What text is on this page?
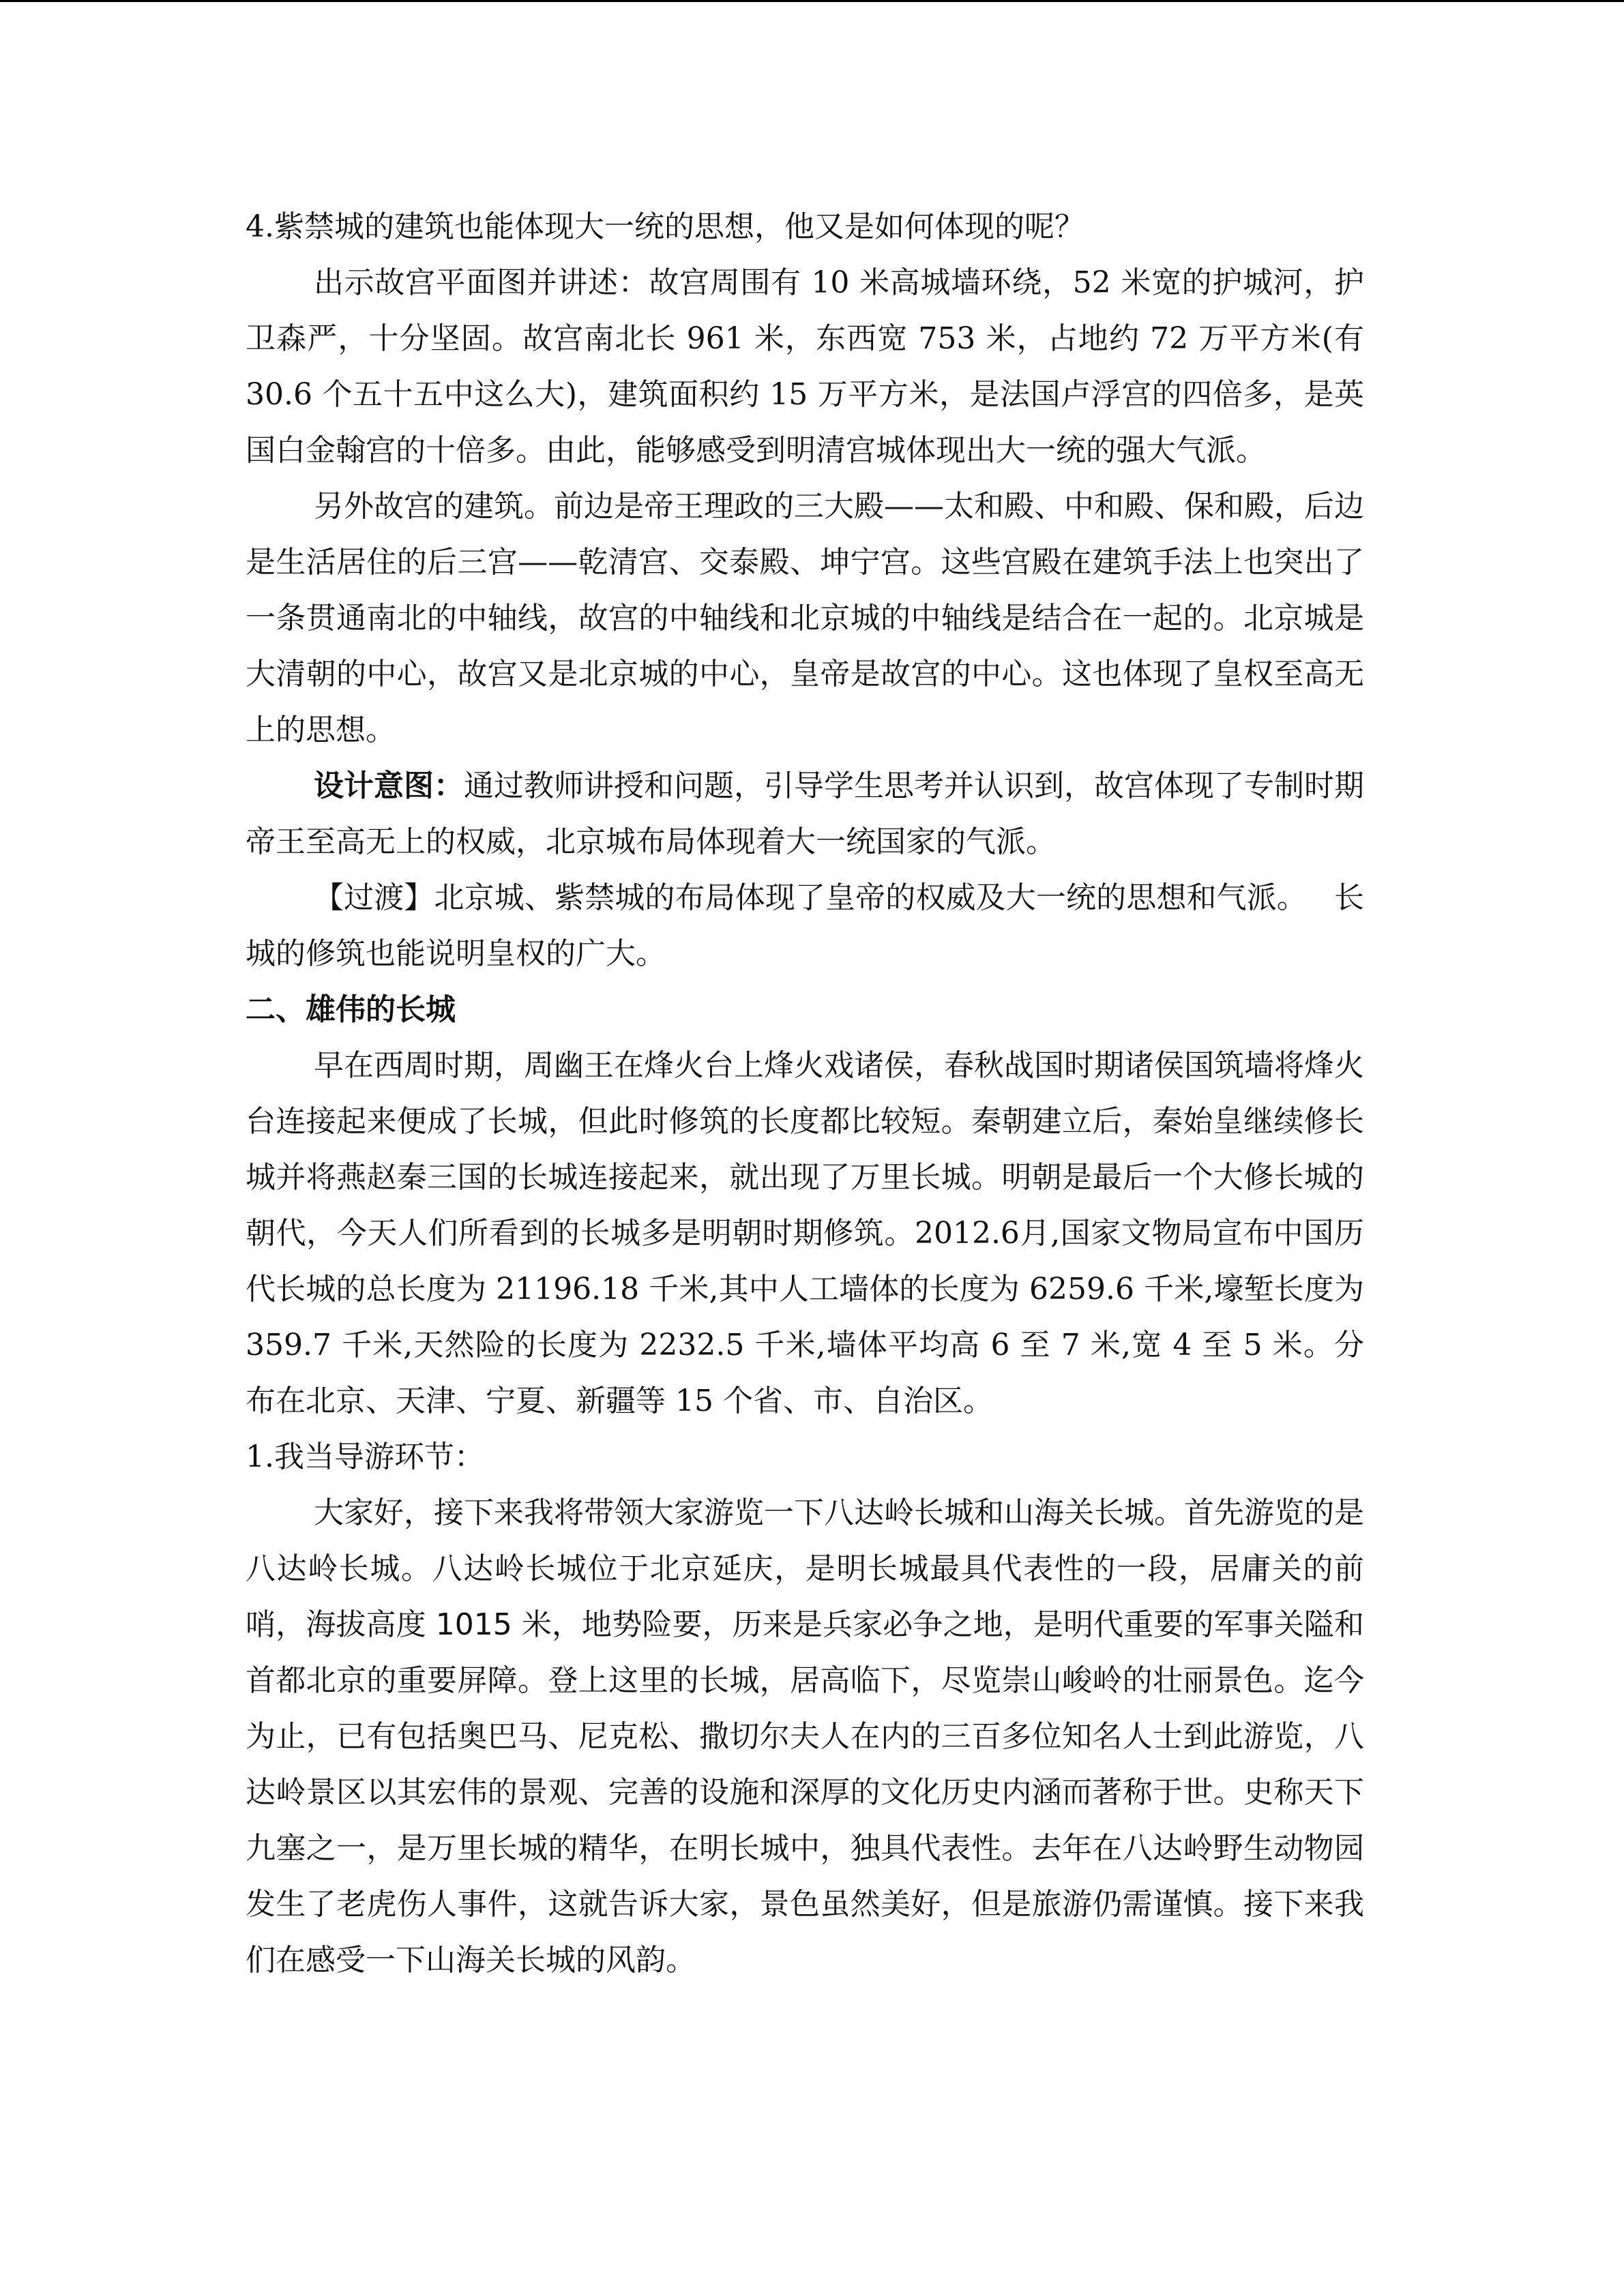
4.紫禁城的建筑也能体现大一统的思想，他又是如何体现的呢？

出示故宫平面图并讲述：故宫周围有 10 米高城墙环绕，52 米宽的护城河，护卫森严，十分坚固。故宫南北长 961 米，东西宽 753 米，占地约 72 万平方米(有 30.6 个五十五中这么大)，建筑面积约 15 万平方米，是法国卢浮宫的四倍多，是英国白金翰宫的十倍多。由此，能够感受到明清宫城体现出大一统的强大气派。

另外故宫的建筑。前边是帝王理政的三大殿——太和殿、中和殿、保和殿，后边是生活居住的后三宫——乾清宫、交泰殿、坤宁宫。这些宫殿在建筑手法上也突出了一条贯通南北的中轴线，故宫的中轴线和北京城的中轴线是结合在一起的。北京城是大清朝的中心，故宫又是北京城的中心，皇帝是故宫的中心。这也体现了皇权至高无上的思想。

设计意图：通过教师讲授和问题，引导学生思考并认识到，故宫体现了专制时期帝王至高无上的权威，北京城布局体现着大一统国家的气派。

【过渡】北京城、紫禁城的布局体现了皇帝的权威及大一统的思想和气派。 长城的修筑也能说明皇权的广大。

二、雄伟的长城

早在西周时期，周幽王在烽火台上烽火戏诸侯，春秋战国时期诸侯国筑墙将烽火台连接起来便成了长城，但此时修筑的长度都比较短。秦朝建立后，秦始皇继续修长城并将燕赵秦三国的长城连接起来，就出现了万里长城。明朝是最后一个大修长城的朝代，今天人们所看到的长城多是明朝时期修筑。2012.6月,国家文物局宣布中国历代长城的总长度为 21196.18 千米,其中人工墙体的长度为 6259.6 千米,壕堑长度为 359.7 千米,天然险的长度为 2232.5 千米,墙体平均高 6 至 7 米,宽 4 至 5 米。分布在北京、天津、宁夏、新疆等 15 个省、市、自治区。

1.我当导游环节：

大家好，接下来我将带领大家游览一下八达岭长城和山海关长城。首先游览的是八达岭长城。八达岭长城位于北京延庆，是明长城最具代表性的一段，居庸关的前哨，海拔高度 1015 米，地势险要，历来是兵家必争之地，是明代重要的军事关隘和首都北京的重要屏障。登上这里的长城，居高临下，尽览崇山峻岭的壮丽景色。迄今为止，已有包括奥巴马、尼克松、撒切尔夫人在内的三百多位知名人士到此游览，八达岭景区以其宏伟的景观、完善的设施和深厚的文化历史内涵而著称于世。史称天下九塞之一，是万里长城的精华，在明长城中，独具代表性。去年在八达岭野生动物园发生了老虎伤人事件，这就告诉大家，景色虽然美好，但是旅游仍需谨慎。接下来我们在感受一下山海关长城的风韵。
